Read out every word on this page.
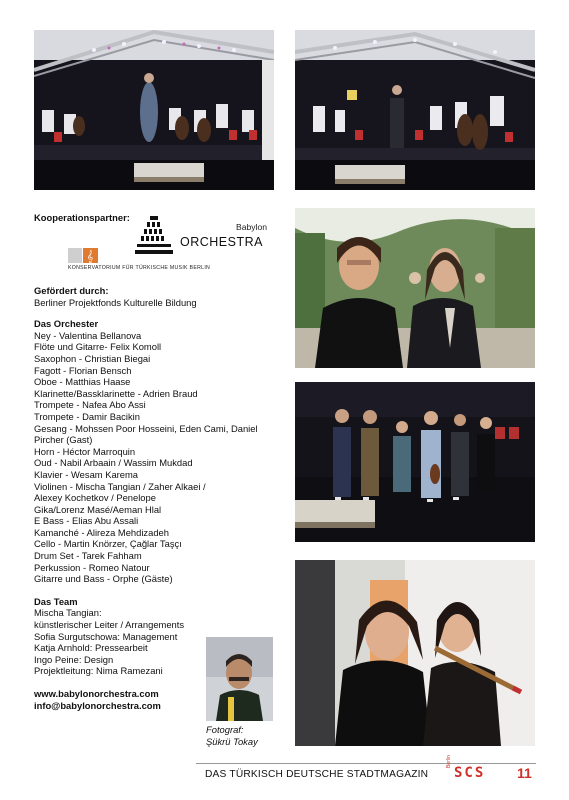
Kooperationspartner:
Babylon
ORCHESTRA
𝄞
KONSERVATORIUM FÜR TÜRKISCHE MUSIK BERLIN
Gefördert durch:
Berliner Projektfonds Kulturelle Bildung
Das Orchester
Ney - Valentina Bellanova
Flöte und Gitarre- Felix Komoll
Saxophon - Christian Biegai
Fagott - Florian Bensch
Oboe - Matthias Haase
Klarinette/Bassklarinette - Adrien Braud
Trompete - Nafea Abo Assi
Trompete - Damir Bacikin
Gesang - Mohssen Poor Hosseini, Eden Cami, Daniel
Pircher (Gast)
Horn - Héctor Marroquin
Oud - Nabil Arbaain / Wassim Mukdad
Klavier - Wesam Karema
Violinen - Mischa Tangian / Zaher Alkaei /
Alexey Kochetkov / Penelope
Gika/Lorenz Masé/Aeman Hlal
E Bass - Elias Abu Assali
Kamanché - Alireza Mehdizadeh
Cello - Martin Knörzer, Çağlar Taşçı
Drum Set - Tarek Fahham
Perkussion - Romeo Natour
Gitarre und Bass - Orphe (Gäste)
Das Team
Mischa Tangian:
künstlerischer Leiter / Arrangements
Sofia Surgutschowa: Management
Katja Arnhold: Pressearbeit
Ingo Peine: Design
Projektleitung: Nima Ramezani
www.babylonorchestra.com
info@babylonorchestra.com
Fotograf:
Şükrü Tokay
DAS TÜRKISCH DEUTSCHE STADTMAGAZIN
Berlin
SCS 11
